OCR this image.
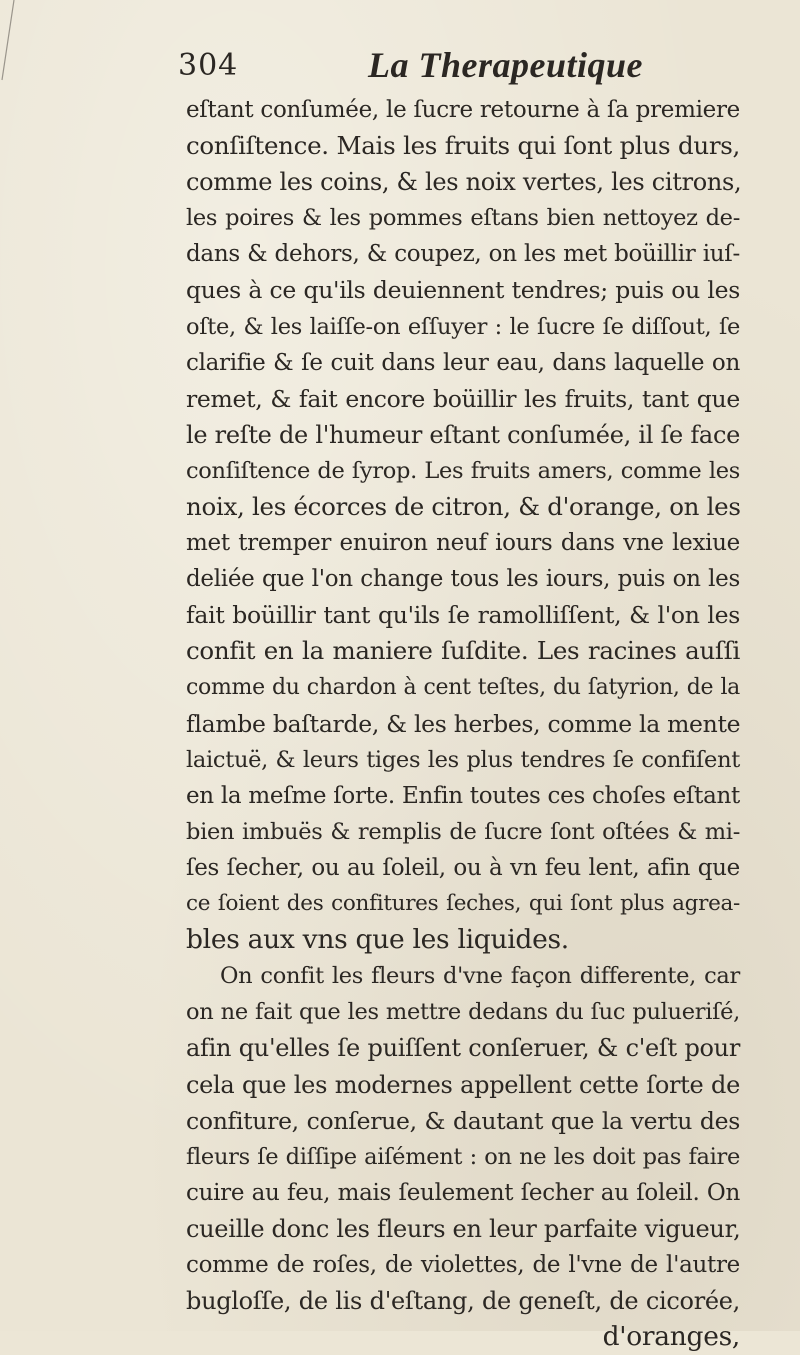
304	La Therapeutique
eſtant conſumée, le ſucre retourne à ſa premiere
conſiſtence. Mais les fruits qui ſont plus durs,
comme les coins, & les noix vertes, les citrons,
les poires & les pommes eſtans bien nettoyez de-
dans & dehors, & coupez, on les met boüillir iuſ-
ques à ce qu'ils deuiennent tendres; puis ou les
oſte, & les laiſſe-on eſſuyer : le ſucre ſe diſſout, ſe
clarifie & ſe cuit dans leur eau, dans laquelle on
remet, & fait encore boüillir les fruits, tant que
le reſte de l'humeur eſtant conſumée, il ſe face
conſiſtence de ſyrop. Les fruits amers, comme les
noix, les écorces de citron, & d'orange, on les
met tremper enuiron neuf iours dans vne lexiue
deliée que l'on change tous les iours, puis on les
fait boüillir tant qu'ils ſe ramolliſſent, & l'on les
confit en la maniere ſuſdite. Les racines auſſi
comme du chardon à cent teſtes, du ſatyrion, de la
flambe baſtarde, & les herbes, comme la mente
laictuë, & leurs tiges les plus tendres ſe confiſent
en la meſme ſorte. Enfin toutes ces choſes eſtant
bien imbuës & remplis de ſucre ſont oſtées & mi-
ſes ſecher, ou au ſoleil, ou à vn feu lent, afin que
ce ſoient des confitures ſeches, qui ſont plus agrea-
bles aux vns que les liquides.
On confit les fleurs d'vne façon differente, car
on ne fait que les mettre dedans du ſuc pulueriſé,
afin qu'elles ſe puiſſent conſeruer, & c'eſt pour
cela que les modernes appellent cette ſorte de
confiture, conſerue, & dautant que la vertu des
fleurs ſe diſſipe aiſément : on ne les doit pas faire
cuire au feu, mais ſeulement ſecher au ſoleil. On
cueille donc les fleurs en leur parfaite vigueur,
comme de roſes, de violettes, de l'vne de l'autre
bugloſſe, de lis d'eſtang, de geneſt, de cicorée,
d'oranges,
